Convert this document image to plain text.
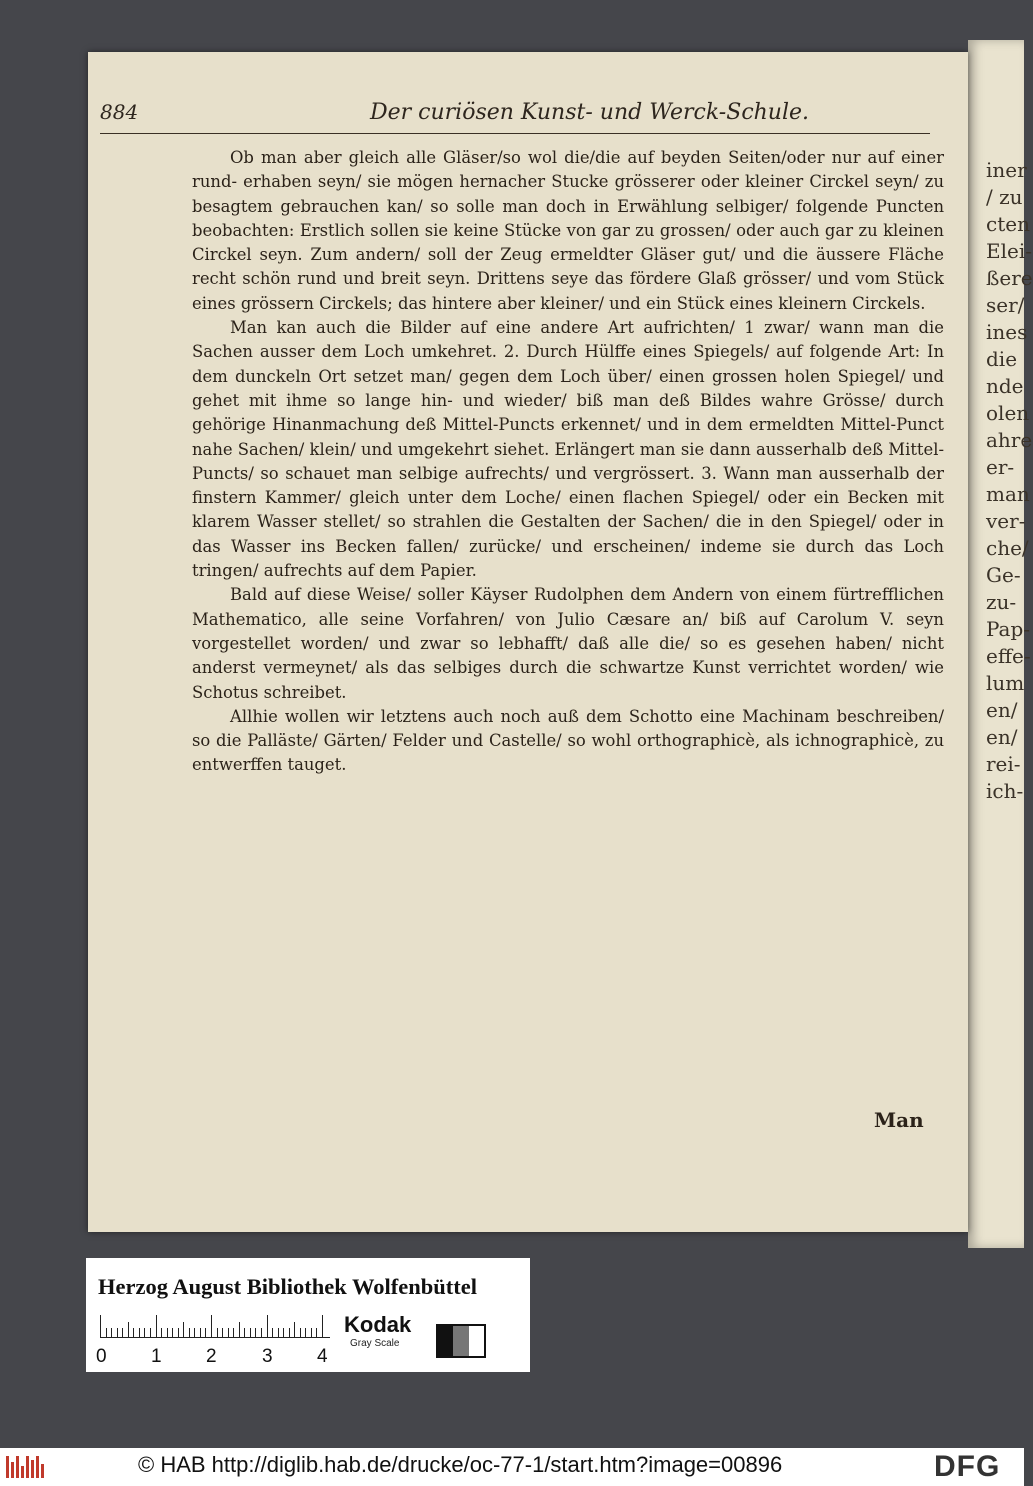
iner
/ zu
cten
Elei-
ßere
ser/
ines
die
nde
olen
ahre
er-
man
ver-
che/
Ge-
zu-
Pap-
effe-
lum
en/
en/
rei-
ich-
884	Der curiösen Kunst- und Werck-Schule.

Ob man aber gleich alle Gläser/so wol die/die auf beyden Seiten/oder nur auf einer rund- erhaben seyn/ sie mögen hernacher Stucke grösserer oder kleiner Circkel seyn/ zu besagtem gebrauchen kan/ so solle man doch in Erwählung selbiger/ folgende Puncten beobachten: Erstlich sollen sie keine Stücke von gar zu grossen/ oder auch gar zu kleinen Circkel seyn. Zum andern/ soll der Zeug ermeldter Gläser gut/ und die äussere Fläche recht schön rund und breit seyn. Drittens seye das fördere Glaß grösser/ und vom Stück eines grössern Circkels; das hintere aber kleiner/ und ein Stück eines kleinern Circkels.

Man kan auch die Bilder auf eine andere Art aufrichten/ 1 zwar/ wann man die Sachen ausser dem Loch umkehret. 2. Durch Hülffe eines Spiegels/ auf folgende Art: In dem dunckeln Ort setzet man/ gegen dem Loch über/ einen grossen holen Spiegel/ und gehet mit ihme so lange hin- und wieder/ biß man deß Bildes wahre Grösse/ durch gehörige Hinanmachung deß Mittel-Puncts erkennet/ und in dem ermeldten Mittel-Punct nahe Sachen/ klein/ und umgekehrt siehet. Erlängert man sie dann ausserhalb deß Mittel-Puncts/ so schauet man selbige aufrechts/ und vergrössert. 3. Wann man ausserhalb der finstern Kammer/ gleich unter dem Loche/ einen flachen Spiegel/ oder ein Becken mit klarem Wasser stellet/ so strahlen die Gestalten der Sachen/ die in den Spiegel/ oder in das Wasser ins Becken fallen/ zurücke/ und erscheinen/ indeme sie durch das Loch tringen/ aufrechts auf dem Papier.

Bald auf diese Weise/ soller Käyser Rudolphen dem Andern von einem fürtrefflichen Mathematico, alle seine Vorfahren/ von Julio Cæsare an/ biß auf Carolum V. seyn vorgestellet worden/ und zwar so lebhafft/ daß alle die/ so es gesehen haben/ nicht anderst vermeynet/ als das selbiges durch die schwartze Kunst verrichtet worden/ wie Schotus schreibet.

Allhie wollen wir letztens auch noch auß dem Schotto eine Machinam beschreiben/ so die Palläste/ Gärten/ Felder und Castelle/ so wohl orthographicè, als ichnographicè, zu entwerffen tauget.

Man
Herzog August Bibliothek Wolfenbüttel
0 1 2 3 4
Kodak
Gray Scale
© HAB http://diglib.hab.de/drucke/oc-77-1/start.htm?image=00896	DFG
